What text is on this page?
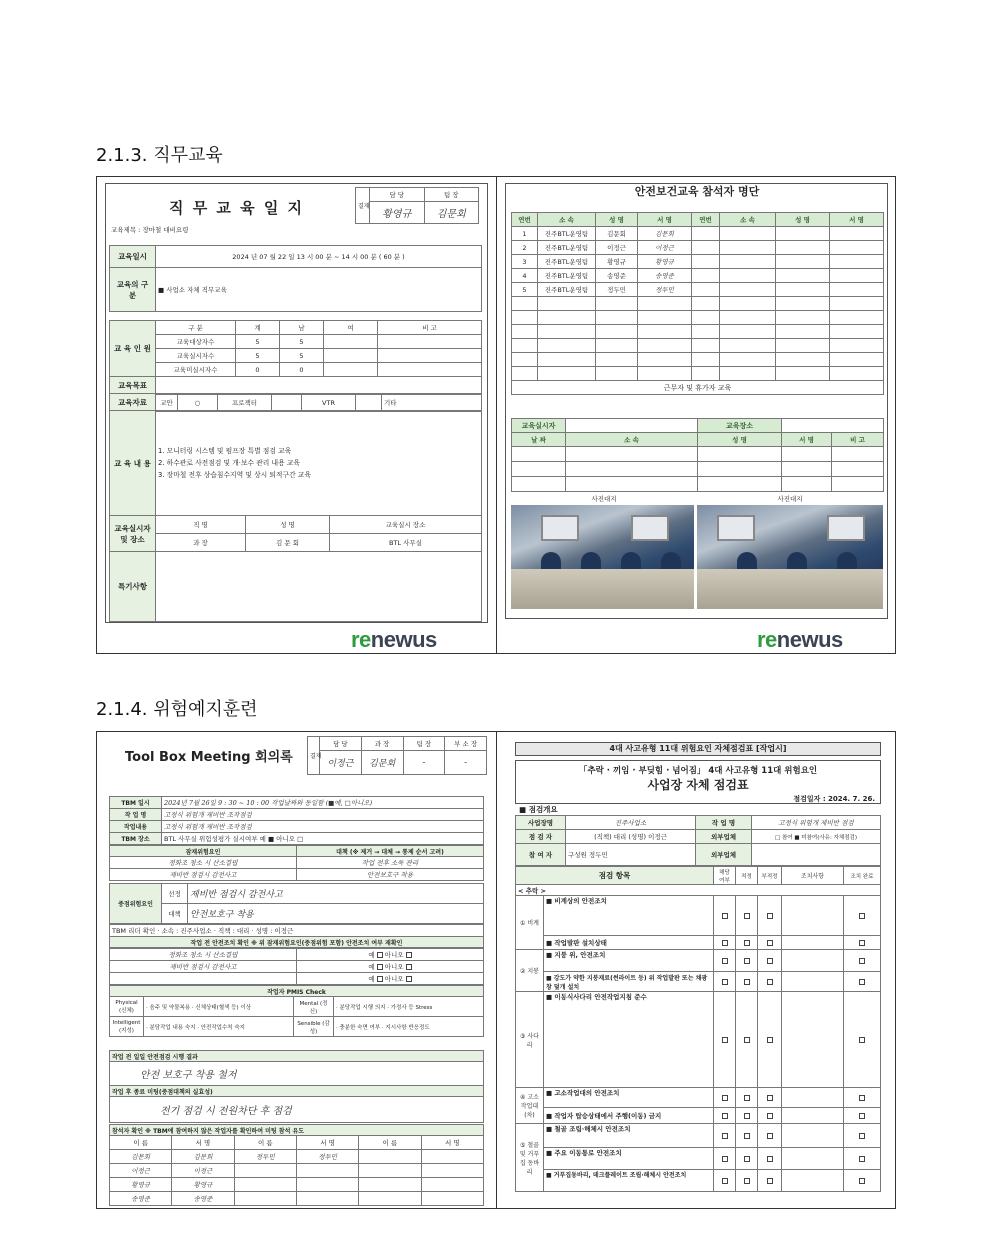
2.1.3. 직무교육
2.1.4. 위험예지훈련
직 무 교 육 일 지	결재	담 당	팀 장
	황영규	김문회
교육제목 : 장마철 대비요령
교육일시	2024 년 07 월 22 일 13 시 00 분 ~ 14 시 00 분 ( 60 분 )
교육의 구 분	■ 사업소 자체 직무교육
교 육 인 원	구 분	계	남	여	비 고
	교육대상자수	5	5		
	교육실시자수	5	5		
	교육미실시자수	0	0		
교육목표	
교육자료	교안	○	프로젝터		VTR		기타
교 육 내 용	
1. 모니터링 시스템 및 펌프장 특별 점검 교육
2. 하수관로 사전점검 및 개·보수 관리 내용 교육
3. 장마철 전후 상습침수지역 및 상시 퇴적구간 교육
교육실시자 및 장소	직 명	성 명	교육실시 장소
	과 장	김 문 회	BTL 사무실
특기사항	
renewus
안전보건교육 참석자 명단
연번	소 속	성 명	서 명	연번	소 속	성 명	서 명
1	진주BTL운영팀	김문회	김문회				
2	진주BTL운영팀	이정근	이정근				
3	진주BTL운영팀	황영규	황영규				
4	진주BTL운영팀	송영준	송영준				
5	진주BTL운영팀	정두민	정두민				

근무자 및 휴가자 교육							
교육실시자		교육장소		
날 짜	소 속	성 명	서 명	비 고

사진대지	사진대지
renewus
Tool Box Meeting 회의록	결재	담 당	과 장	팀 장	부 소 장
	이정근	김문회	-	-
TBM 일시	2024년 7월 26일 9 : 30 ~ 10 : 00 작업날짜와 동일함 (■예, □아니오)
작 업 명	고정식 위험개 제비반 조작점검
작업내용	고정식 위험개 제비반 조작점검
TBM 장소	BTL 사무실 위험성평가 실시여부 예 ■ 아니오 □
잠재위험요인	대책 (※ 제거 → 대체 → 통제 순서 고려)
정화조 청소 시 산소결핍	작업 전후 소독 관리
제비반 점검시 감전사고	안전보호구 착용
중점위험요인	선정	제비반 점검시 감전사고
	대책	안전보호구 착용
TBM 리더 확인 · 소속 : 진주사업소 · 직책 : 대리 · 성명 : 이정근
작업 전 안전조치 확인 ※ 위 잠재위험요인(중점위험 포함) 안전조치 여부 재확인
정화조 청소 시 산소결핍	예  아니오
제비반 점검시 감전사고	예  아니오
	예  아니오
작업자 PMIS Check			
Physical (신체)	· 음주 및 약물복용 · 신체상태(혈색 등) 이상	Mental (정신)	· 분당작업 시행 의지 · 가정사 등 Stress
Intelligent (지성)	· 분담작업 내용 숙지 · 안전작업수칙 숙지	Sensible (감성)	· 충분한 숙면 여부 · 지시사항 반응정도
작업 전 일일 안전점검 시행 결과
안전 보호구 착용 철저
작업 후 종료 미팅(중점대책의 실효성)
전기 점검 시 전원차단 후 점검
참석자 확인 ※ TBM에 참여하지 않은 작업자를 확인하여 미팅 참석 유도					
이 름	서 명	이 름	서 명	이 름	서 명
김문회	김문회	정두민	정두민		
이정근	이정근				
황영규	황영규				
송영준	송영준				
4대 사고유형 11대 위험요인 자체점검표 [작업시]
「추락 · 끼임 · 부딪힘 · 넘어짐」 4대 사고유형 11대 위험요인
사업장 자체 점검표
점검일자 : 2024. 7. 26.
■ 점검개요
사업장명	진주사업소	작 업 명	고정식 위험개 제비반 점검
점 검 자	(직책) 대리 (성명) 이정근	외부업체	□ 참여 ■ 미참여(사유: 자체점검)
참 여 자	구성원 정두민	외부업체	
점검 항목		해당 여부	적정	부적정	조치사항	조치 완료
< 추락 >						
① 비계	■ 비계상의 안전조치					
	■ 작업발판 설치상태					
② 지붕	■ 지붕 위, 안전조치					
	■ 강도가 약한 지붕재료(썬라이트 등) 위 작업발판 또는 채광창 덮개 설치					
③ 사다리	■ 이동식사다리 안전작업지침 준수					
④ 고소 작업대(차)	■ 고소작업대의 안전조치					
	■ 작업자 탑승상태에서 주행(이동) 금지					
⑤ 철골 및 거푸집 동바리	■ 철골 조립·해체시 안전조치					
	■ 주요 이동통로 안전조치					
	■ 거푸집동바리, 데크플레이트 조립·해체시 안전조치					
